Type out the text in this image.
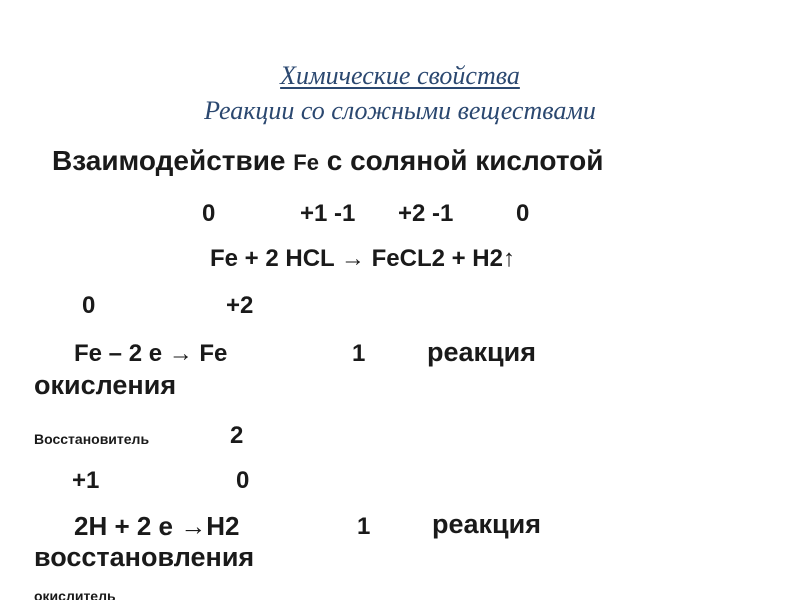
Химические свойства
Реакции со сложными веществами
Взаимодействие Fe с соляной кислотой
0	+1 -1 +2 -1	0
Fe + 2 HCL → FeCL2 + H2↑
0	+2
Fe – 2 e → Fe	1 реакция
окисления
Восстановитель	2
+1	0
2H + 2 e →H2	1 реакция
восстановления
окислитель
